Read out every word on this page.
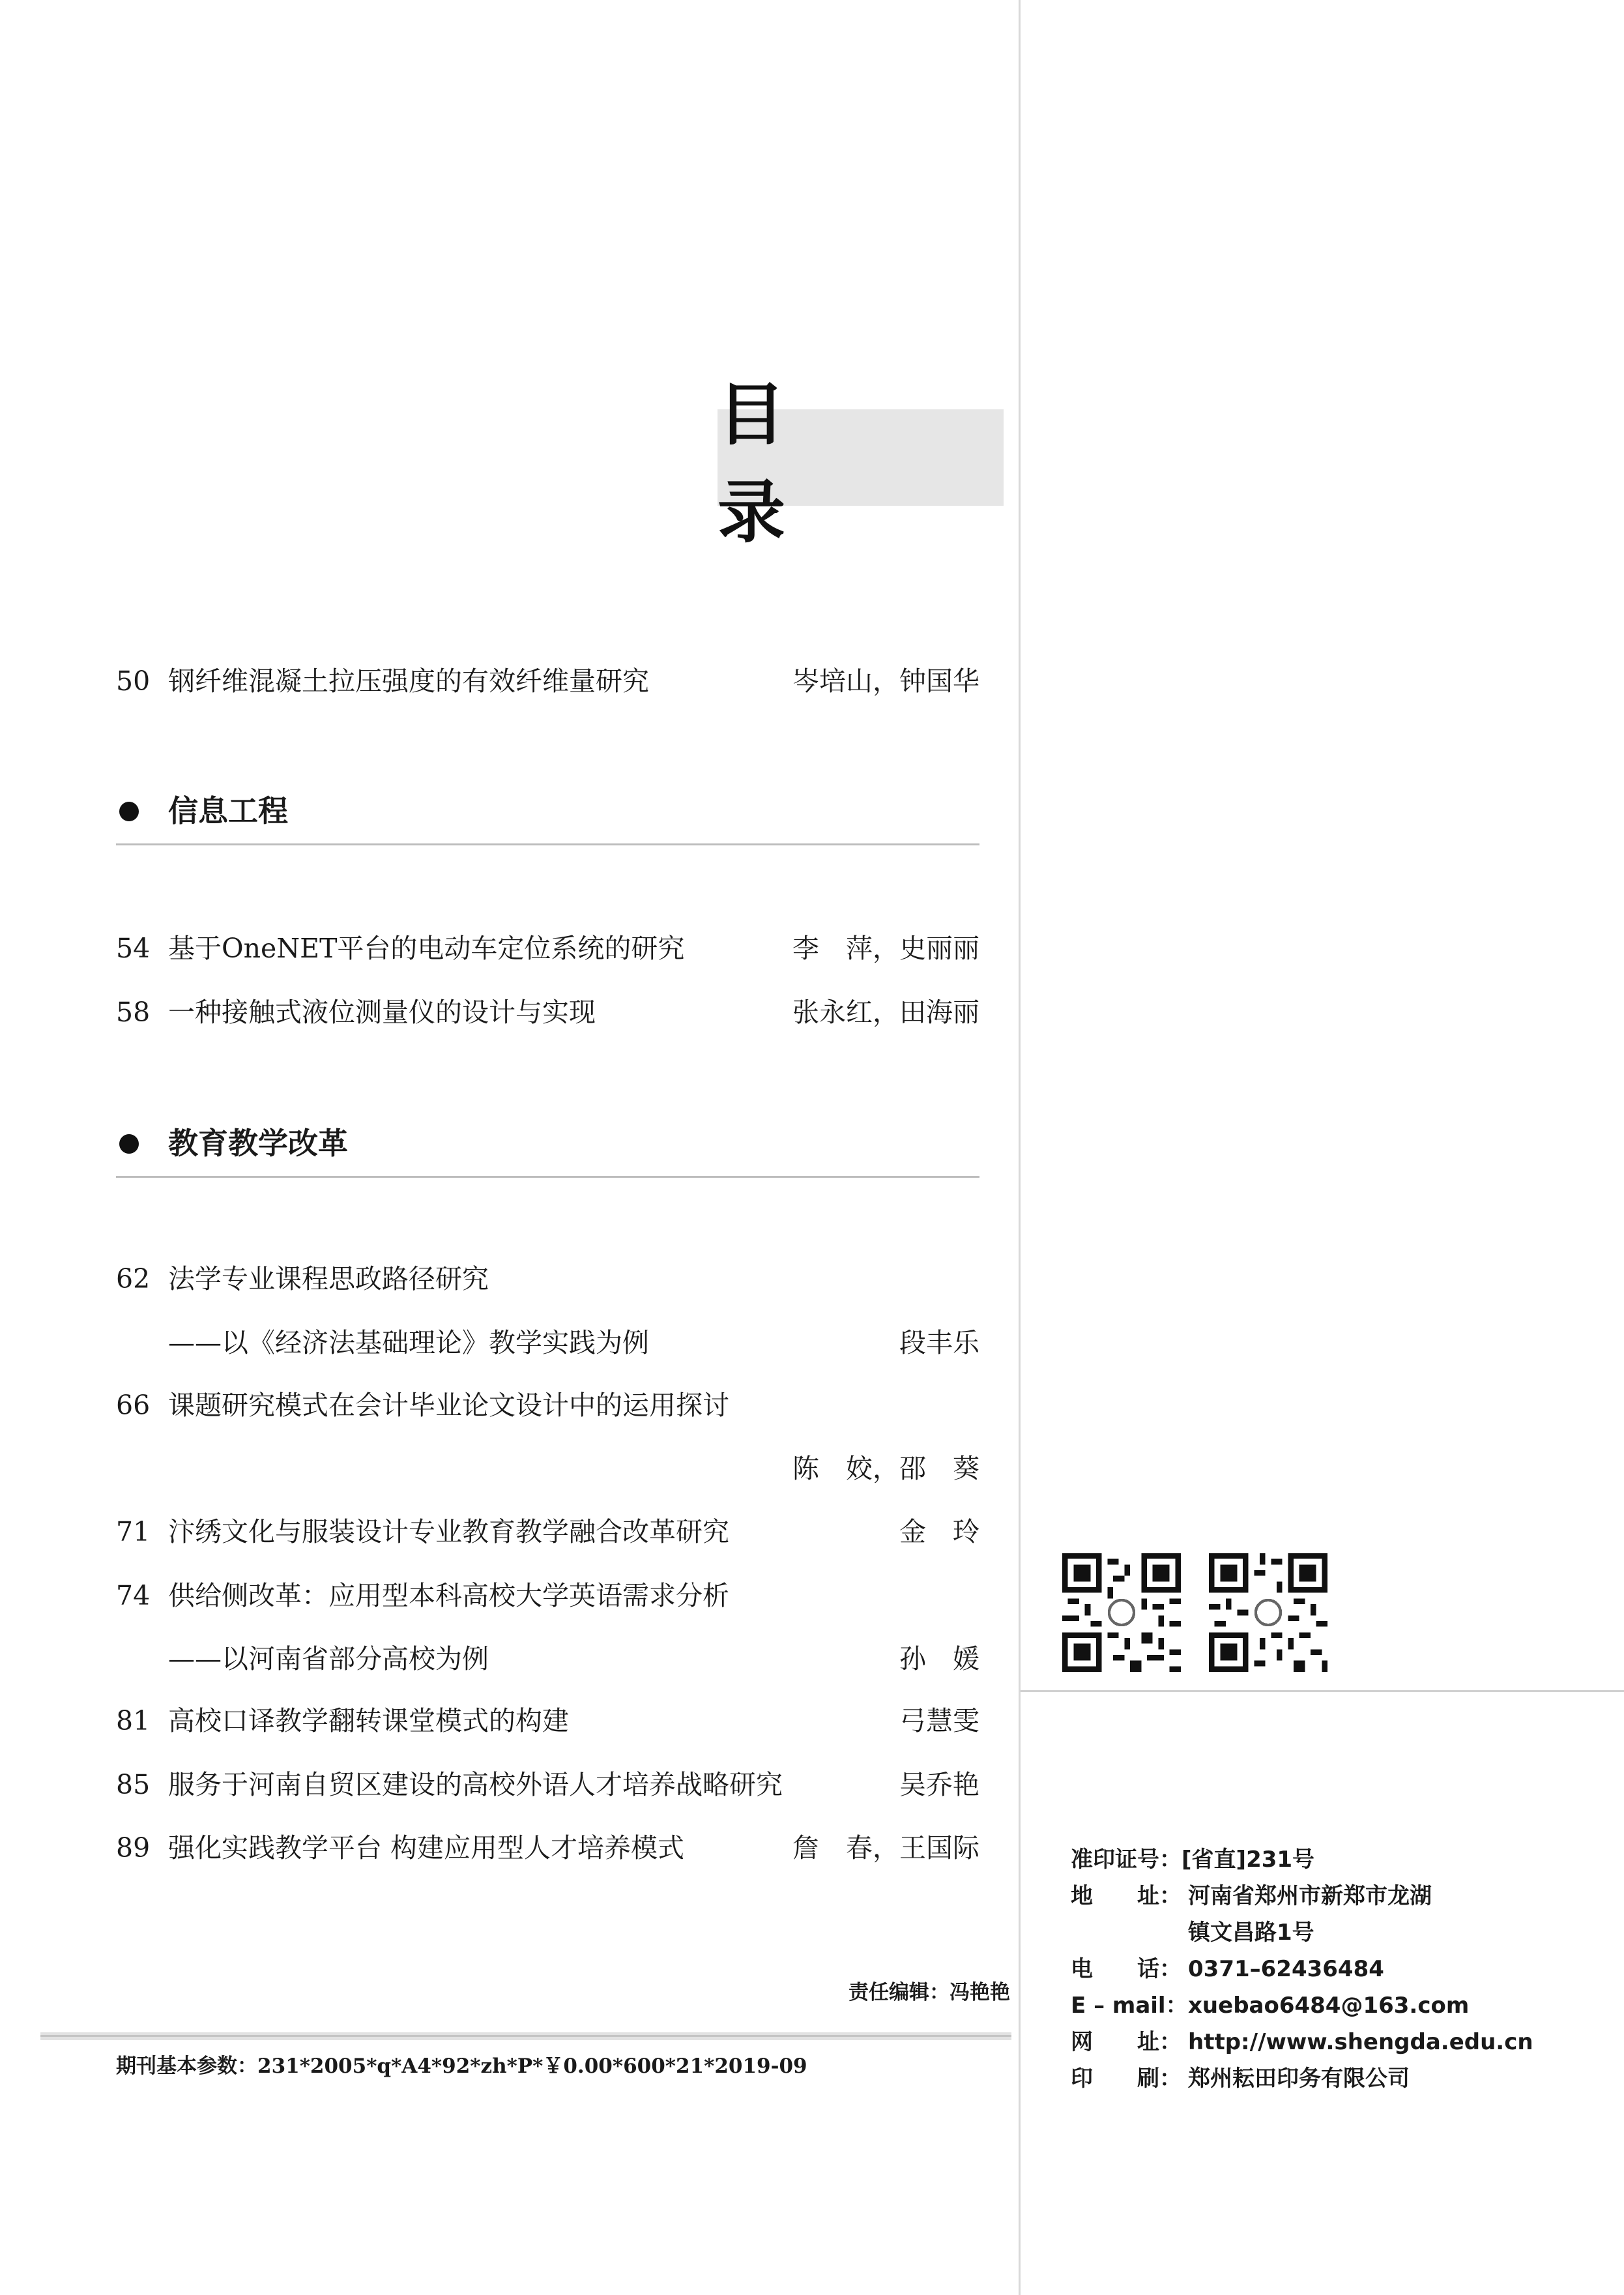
目 录
50 钢纤维混凝土拉压强度的有效纤维量研究	岑培山，钟国华
信息工程
54 基于OneNET平台的电动车定位系统的研究	李　萍，史丽丽
58 一种接触式液位测量仪的设计与实现	张永红，田海丽
教育教学改革
62 法学专业课程思政路径研究
——以《经济法基础理论》教学实践为例	段丰乐
66 课题研究模式在会计毕业论文设计中的运用探讨
陈　姣，邵　葵
71 汴绣文化与服装设计专业教育教学融合改革研究	金　玲
74 供给侧改革：应用型本科高校大学英语需求分析
——以河南省部分高校为例	孙　媛
81 高校口译教学翻转课堂模式的构建	弓慧雯
85 服务于河南自贸区建设的高校外语人才培养战略研究	吴乔艳
89 强化实践教学平台 构建应用型人才培养模式	詹　春，王国际
责任编辑：冯艳艳
期刊基本参数：231*2005*q*A4*92*zh*P*￥0.00*600*21*2019-09
准印证号：[省直]231号
地　　址： 河南省郑州市新郑市龙湖
镇文昌路1号
电　　话： 0371–62436484
E – mail：xuebao6484@163.com
网　　址： http://www.shengda.edu.cn
印　　刷： 郑州耘田印务有限公司
